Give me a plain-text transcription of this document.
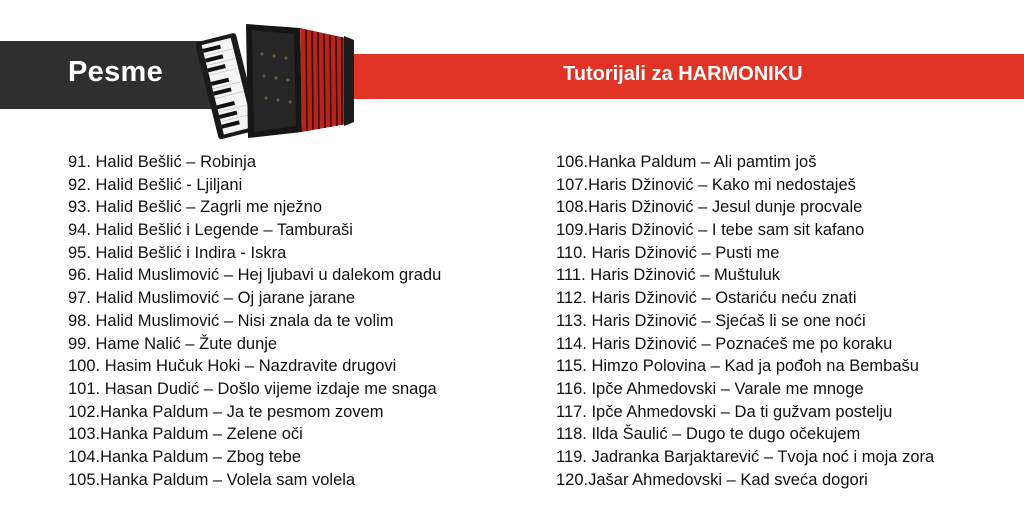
Pesme	Tutorijali za HARMONIKU
91. Halid Bešlić – Robinja
92. Halid Bešlić - Ljiljani
93. Halid Bešlić – Zagrli me nježno
94. Halid Bešlić i Legende – Tamburaši
95. Halid Bešlić i Indira - Iskra
96. Halid Muslimović – Hej ljubavi u dalekom gradu
97. Halid Muslimović – Oj jarane jarane
98. Halid Muslimović – Nisi znala da te volim
99. Hame Nalić – Žute dunje
100. Hasim Hučuk Hoki – Nazdravite drugovi
101. Hasan Dudić – Došlo vijeme izdaje me snaga
102.Hanka Paldum – Ja te pesmom zovem
103.Hanka Paldum – Zelene oči
104.Hanka Paldum – Zbog tebe
105.Hanka Paldum – Volela sam volela
106.Hanka Paldum – Ali pamtim još
107.Haris Džinović – Kako mi nedostaješ
108.Haris Džinović – Jesul dunje procvale
109.Haris Džinović – I tebe sam sit kafano
110. Haris Džinović – Pusti me
111. Haris Džinović – Muštuluk
112. Haris Džinović – Ostariću neću znati
113. Haris Džinović – Sjećaš li se one noći
114. Haris Džinović – Poznaćeš me po koraku
115. Himzo Polovina – Kad ja pođoh na Bembašu
116. Ipče Ahmedovski – Varale me mnoge
117. Ipče Ahmedovski – Da ti gužvam postelju
118. Ilda Šaulić – Dugo te dugo očekujem
119. Jadranka Barjaktarević – Tvoja noć i moja zora
120.Jašar Ahmedovski – Kad sveća dogori
